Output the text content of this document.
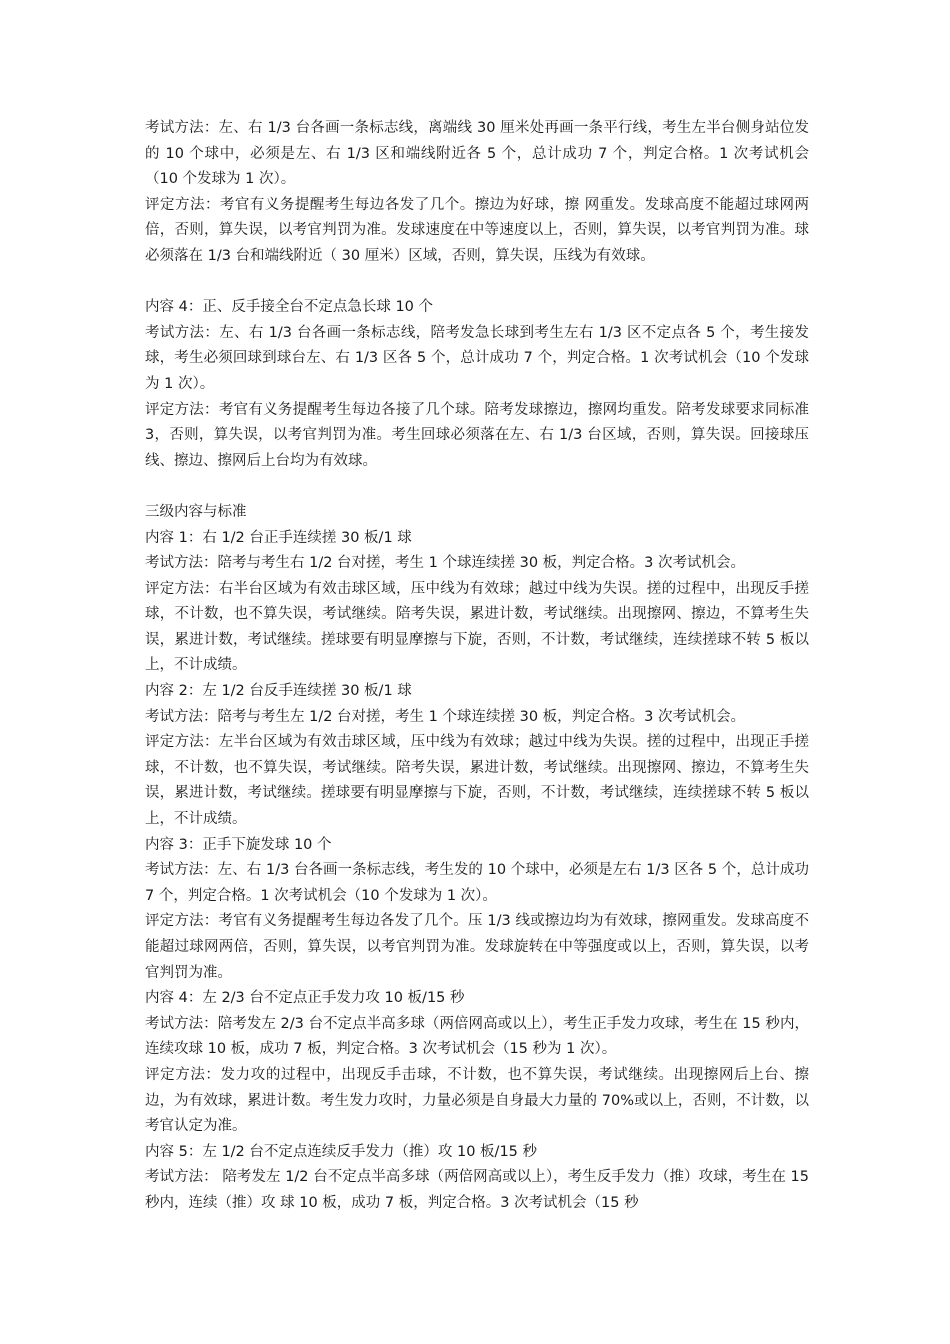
考试方法：左、右 1/3 台各画一条标志线，离端线 30 厘米处再画一条平行线，考生左半台侧身站位发的 10 个球中，必须是左、右 1/3 区和端线附近各 5 个，总计成功 7 个，判定合格。1 次考试机会（10 个发球为 1 次）。

评定方法：考官有义务提醒考生每边各发了几个。擦边为好球，擦 网重发。发球高度不能超过球网两倍，否则，算失误，以考官判罚为准。发球速度在中等速度以上，否则，算失误，以考官判罚为准。球必须落在 1/3 台和端线附近（ 30 厘米）区域，否则，算失误，压线为有效球。

内容 4：正、反手接全台不定点急长球 10 个

考试方法：左、右 1/3 台各画一条标志线，陪考发急长球到考生左右 1/3 区不定点各 5 个，考生接发球，考生必须回球到球台左、右 1/3 区各 5 个，总计成功 7 个，判定合格。1 次考试机会（10 个发球为 1 次）。

评定方法：考官有义务提醒考生每边各接了几个球。陪考发球擦边，擦网均重发。陪考发球要求同标准 3，否则，算失误，以考官判罚为准。考生回球必须落在左、右 1/3 台区域，否则，算失误。回接球压线、擦边、擦网后上台均为有效球。

三级内容与标准

内容 1：右 1/2 台正手连续搓 30 板/1 球

考试方法：陪考与考生右 1/2 台对搓，考生 1 个球连续搓 30 板，判定合格。3 次考试机会。

评定方法：右半台区域为有效击球区域，压中线为有效球；越过中线为失误。搓的过程中，出现反手搓球，不计数，也不算失误，考试继续。陪考失误，累进计数，考试继续。出现擦网、擦边，不算考生失误，累进计数，考试继续。搓球要有明显摩擦与下旋，否则，不计数，考试继续，连续搓球不转 5 板以上，不计成绩。

内容 2：左 1/2 台反手连续搓 30 板/1 球

考试方法：陪考与考生左 1/2 台对搓，考生 1 个球连续搓 30 板，判定合格。3 次考试机会。

评定方法：左半台区域为有效击球区域，压中线为有效球；越过中线为失误。搓的过程中，出现正手搓球，不计数，也不算失误，考试继续。陪考失误，累进计数，考试继续。出现擦网、擦边，不算考生失误，累进计数，考试继续。搓球要有明显摩擦与下旋，否则，不计数，考试继续，连续搓球不转 5 板以上，不计成绩。

内容 3：正手下旋发球 10 个

考试方法：左、右 1/3 台各画一条标志线，考生发的 10 个球中，必须是左右 1/3 区各 5 个，总计成功 7 个，判定合格。1 次考试机会（10 个发球为 1 次）。

评定方法：考官有义务提醒考生每边各发了几个。压 1/3 线或擦边均为有效球，擦网重发。发球高度不能超过球网两倍，否则，算失误，以考官判罚为准。发球旋转在中等强度或以上，否则，算失误，以考官判罚为准。

内容 4：左 2/3 台不定点正手发力攻 10 板/15 秒

考试方法：陪考发左 2/3 台不定点半高多球（两倍网高或以上），考生正手发力攻球，考生在 15 秒内，连续攻球 10 板，成功 7 板，判定合格。3 次考试机会（15 秒为 1 次）。

评定方法：发力攻的过程中，出现反手击球，不计数，也不算失误，考试继续。出现擦网后上台、擦边，为有效球，累进计数。考生发力攻时，力量必须是自身最大力量的 70%或以上，否则，不计数，以考官认定为准。

内容 5：左 1/2 台不定点连续反手发力（推）攻 10 板/15 秒

考试方法： 陪考发左 1/2 台不定点半高多球（两倍网高或以上），考生反手发力（推）攻球，考生在 15 秒内，连续（推）攻 球 10 板，成功 7 板，判定合格。3 次考试机会（15 秒
